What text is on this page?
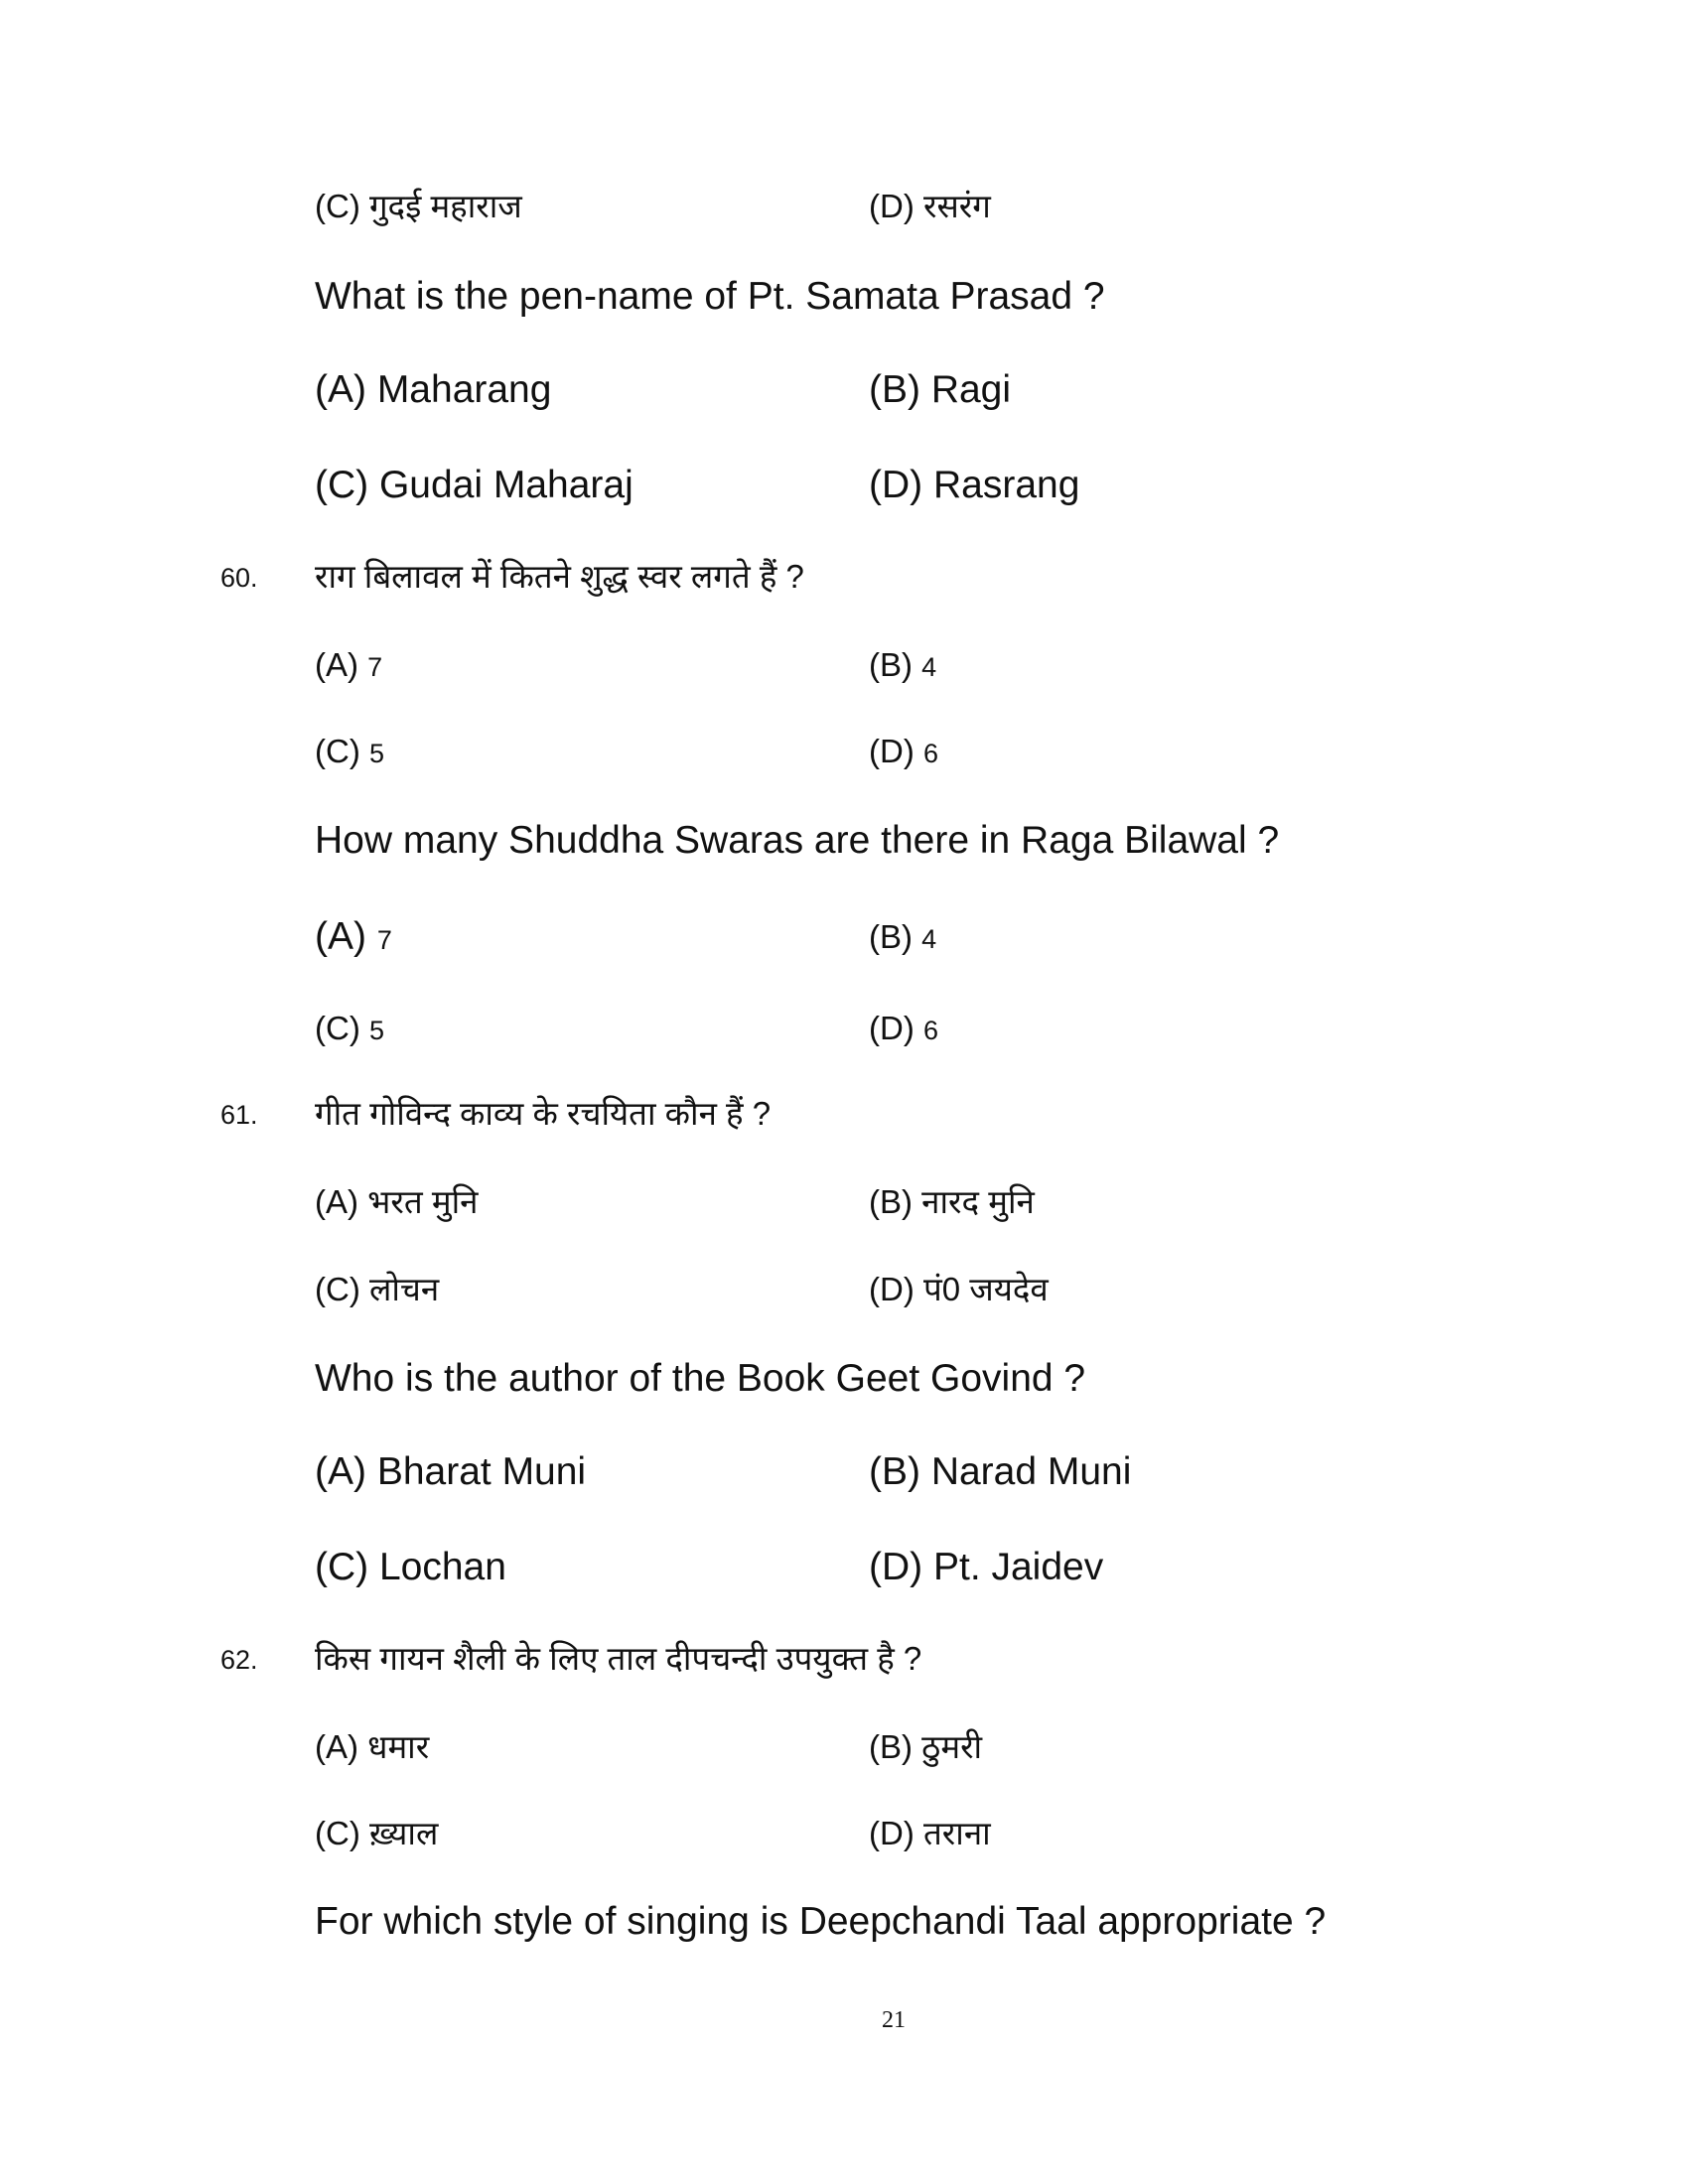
(C) गुदई महाराज	(D) रसरंग
What is the pen-name of Pt. Samata Prasad ?
(A) Maharang	(B) Ragi
(C) Gudai Maharaj	(D) Rasrang
60. राग बिलावल में कितने शुद्ध स्वर लगते हैं ?
(A) 7	(B) 4
(C) 5	(D) 6
How many Shuddha Swaras are there in Raga Bilawal ?
(A) 7	(B) 4
(C) 5	(D) 6
61. गीत गोविन्द काव्य के रचयिता कौन हैं ?
(A) भरत मुनि	(B) नारद मुनि
(C) लोचन	(D) पं0 जयदेव
Who is the author of the Book Geet Govind ?
(A) Bharat Muni	(B) Narad Muni
(C) Lochan	(D) Pt. Jaidev
62. किस गायन शैली के लिए ताल दीपचन्दी उपयुक्त है ?
(A) धमार	(B) ठुमरी
(C) ख़्याल	(D) तराना
For which style of singing is Deepchandi Taal appropriate ?
21
